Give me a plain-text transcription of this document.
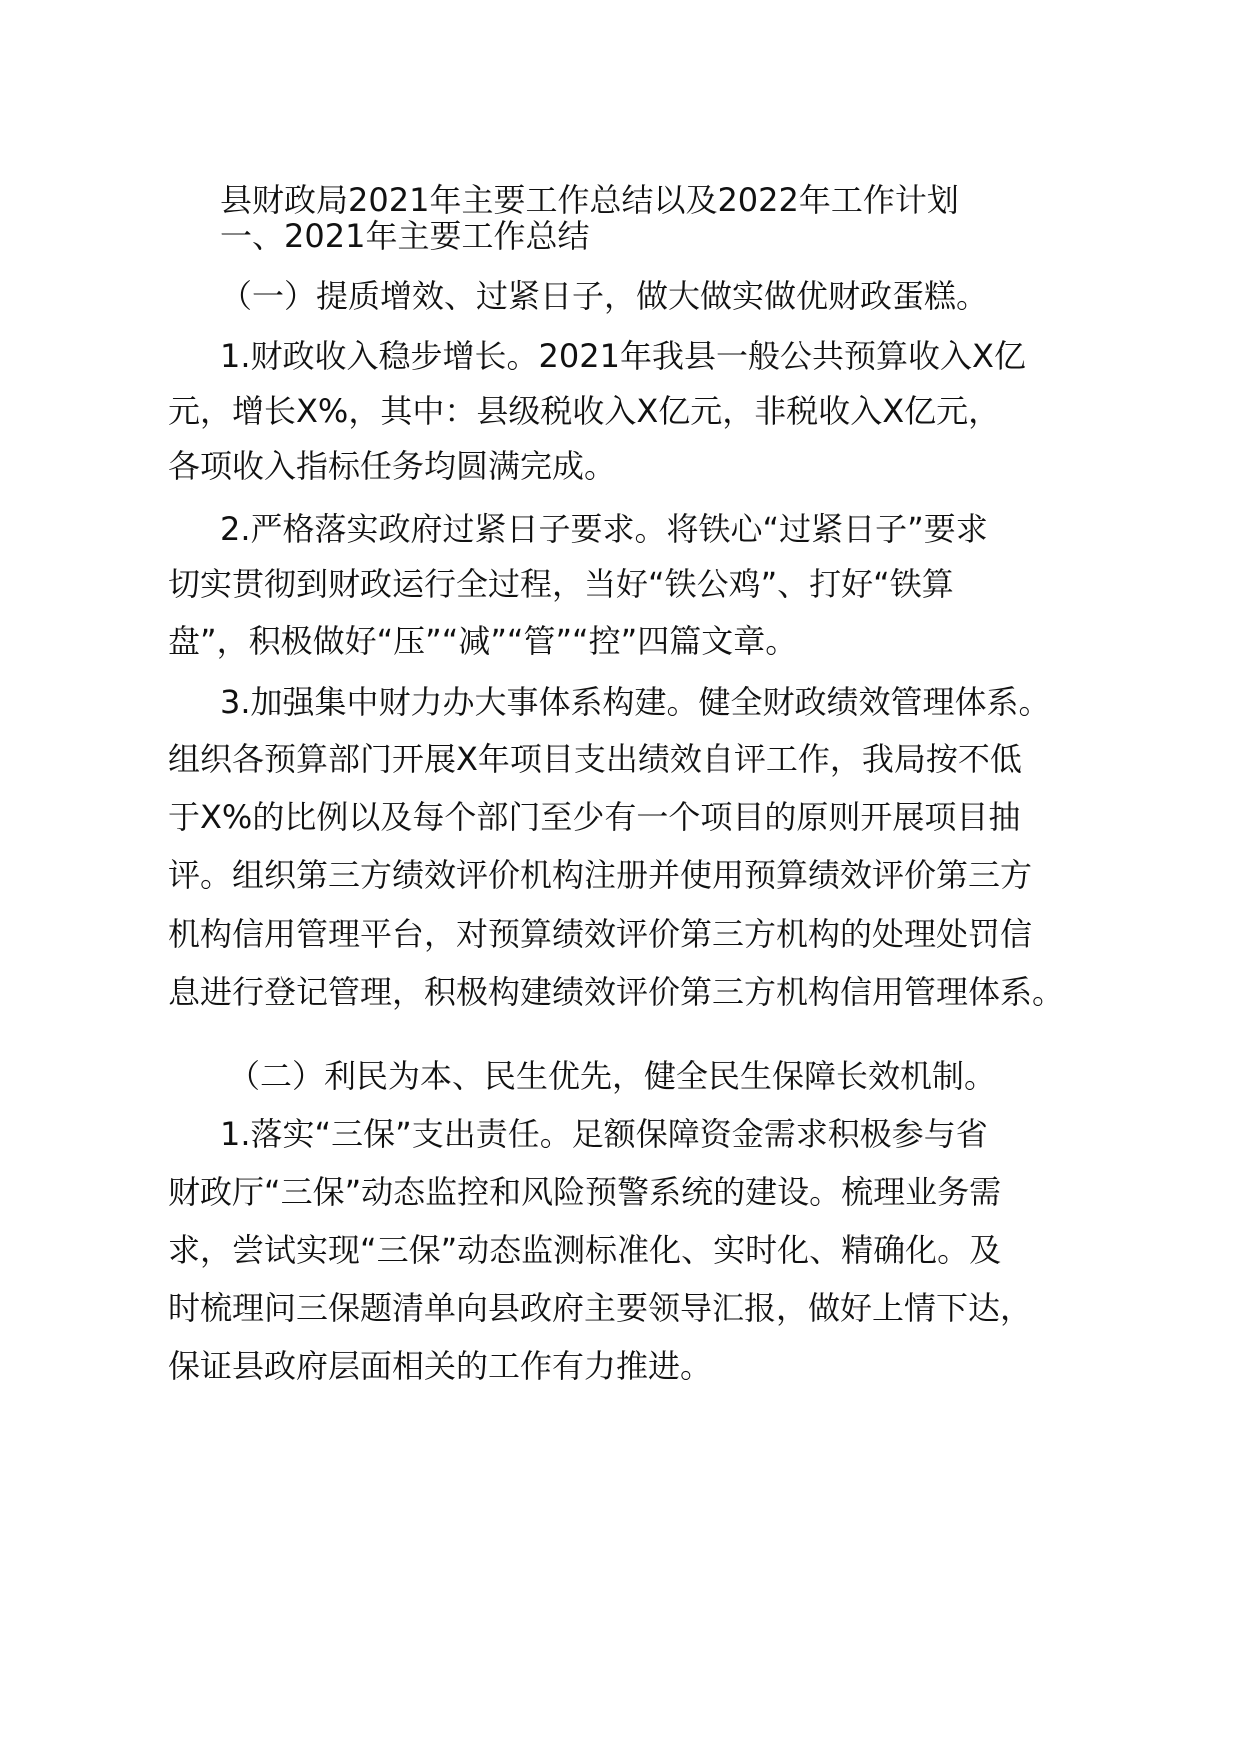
县财政局2021年主要工作总结以及2022年工作计划

一、2021年主要工作总结

（一）提质增效、过紧日子，做大做实做优财政蛋糕。

1.财政收入稳步增长。2021年我县一般公共预算收入X亿

元，增长X%，其中：县级税收入X亿元，非税收入X亿元，

各项收入指标任务均圆满完成。

2.严格落实政府过紧日子要求。将铁心“过紧日子”要求

切实贯彻到财政运行全过程，当好“铁公鸡”、打好“铁算

盘”，积极做好“压”“减”“管”“控”四篇文章。

3.加强集中财力办大事体系构建。健全财政绩效管理体系。

组织各预算部门开展X年项目支出绩效自评工作，我局按不低

于X%的比例以及每个部门至少有一个项目的原则开展项目抽

评。组织第三方绩效评价机构注册并使用预算绩效评价第三方

机构信用管理平台，对预算绩效评价第三方机构的处理处罚信

息进行登记管理，积极构建绩效评价第三方机构信用管理体系。

（二）利民为本、民生优先，健全民生保障长效机制。

1.落实“三保”支出责任。足额保障资金需求积极参与省

财政厅“三保”动态监控和风险预警系统的建设。梳理业务需

求，尝试实现“三保”动态监测标准化、实时化、精确化。及

时梳理问三保题清单向县政府主要领导汇报，做好上情下达，

保证县政府层面相关的工作有力推进。
